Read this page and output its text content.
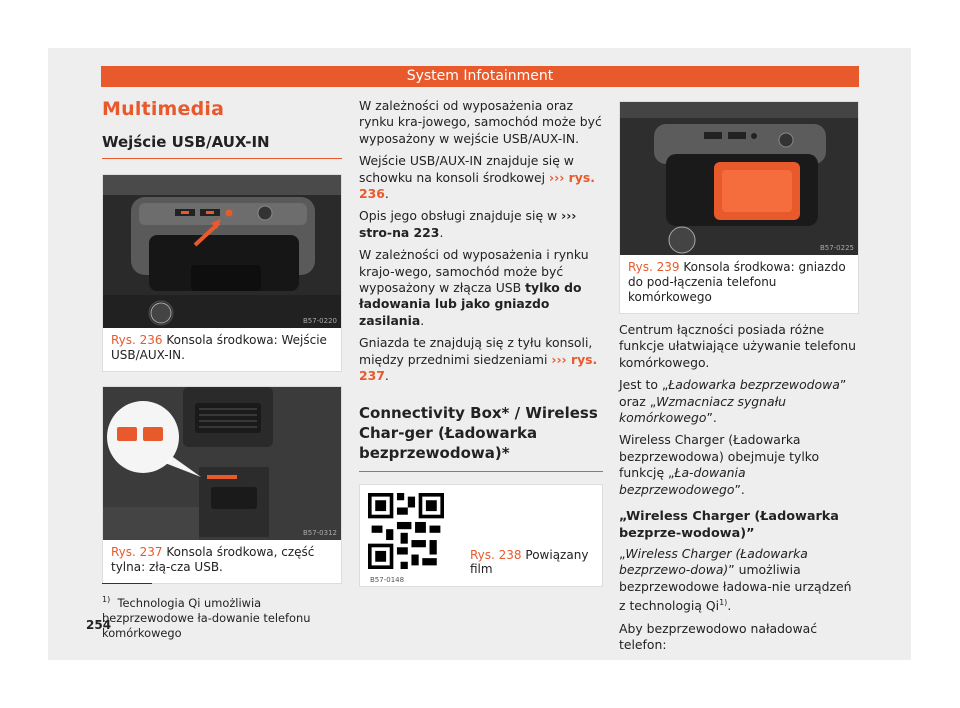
System Infotainment
Multimedia
Wejście USB/AUX-IN
B57-0220
Rys. 236 Konsola środkowa: Wejście USB/AUX-IN.
B57-0312
Rys. 237 Konsola środkowa, część tylna: złą-cza USB.

W zależności od wyposażenia oraz rynku kra-jowego, samochód może być wyposażony w wejście USB/AUX-IN.

Wejście USB/AUX-IN znajduje się w schowku na konsoli środkowej ››› rys. 236.

Opis jego obsługi znajduje się w ››› stro-na 223.

W zależności od wyposażenia i rynku krajo-wego, samochód może być wyposażony w złącza USB tylko do ładowania lub jako gniazdo zasilania.

Gniazda te znajdują się z tyłu konsoli, między przednimi siedzeniami ››› rys. 237.

Connectivity Box* / Wireless Char-ger (Ładowarka bezprzewodowa)*
B57-0148
Rys. 238 Powiązany film
B57-0225
Rys. 239 Konsola środkowa: gniazdo do pod-łączenia telefonu komórkowego

Centrum łączności posiada różne funkcje ułatwiające używanie telefonu komórkowego.

Jest to „Ładowarka bezprzewodowa” oraz „Wzmacniacz sygnału komórkowego”.

Wireless Charger (Ładowarka bezprzewodowa) obejmuje tylko funkcję „Ła-dowania bezprzewodowego”.

„Wireless Charger (Ładowarka bezprze-wodowa)”

„Wireless Charger (Ładowarka bezprzewo-dowa)” umożliwia bezprzewodowe ładowa-nie urządzeń z technologią Qi$^{1)}$.

Aby bezprzewodowo naładować telefon:

$^{1)}$ Technologia Qi umożliwia bezprzewodowe ła-dowanie telefonu komórkowego
254
